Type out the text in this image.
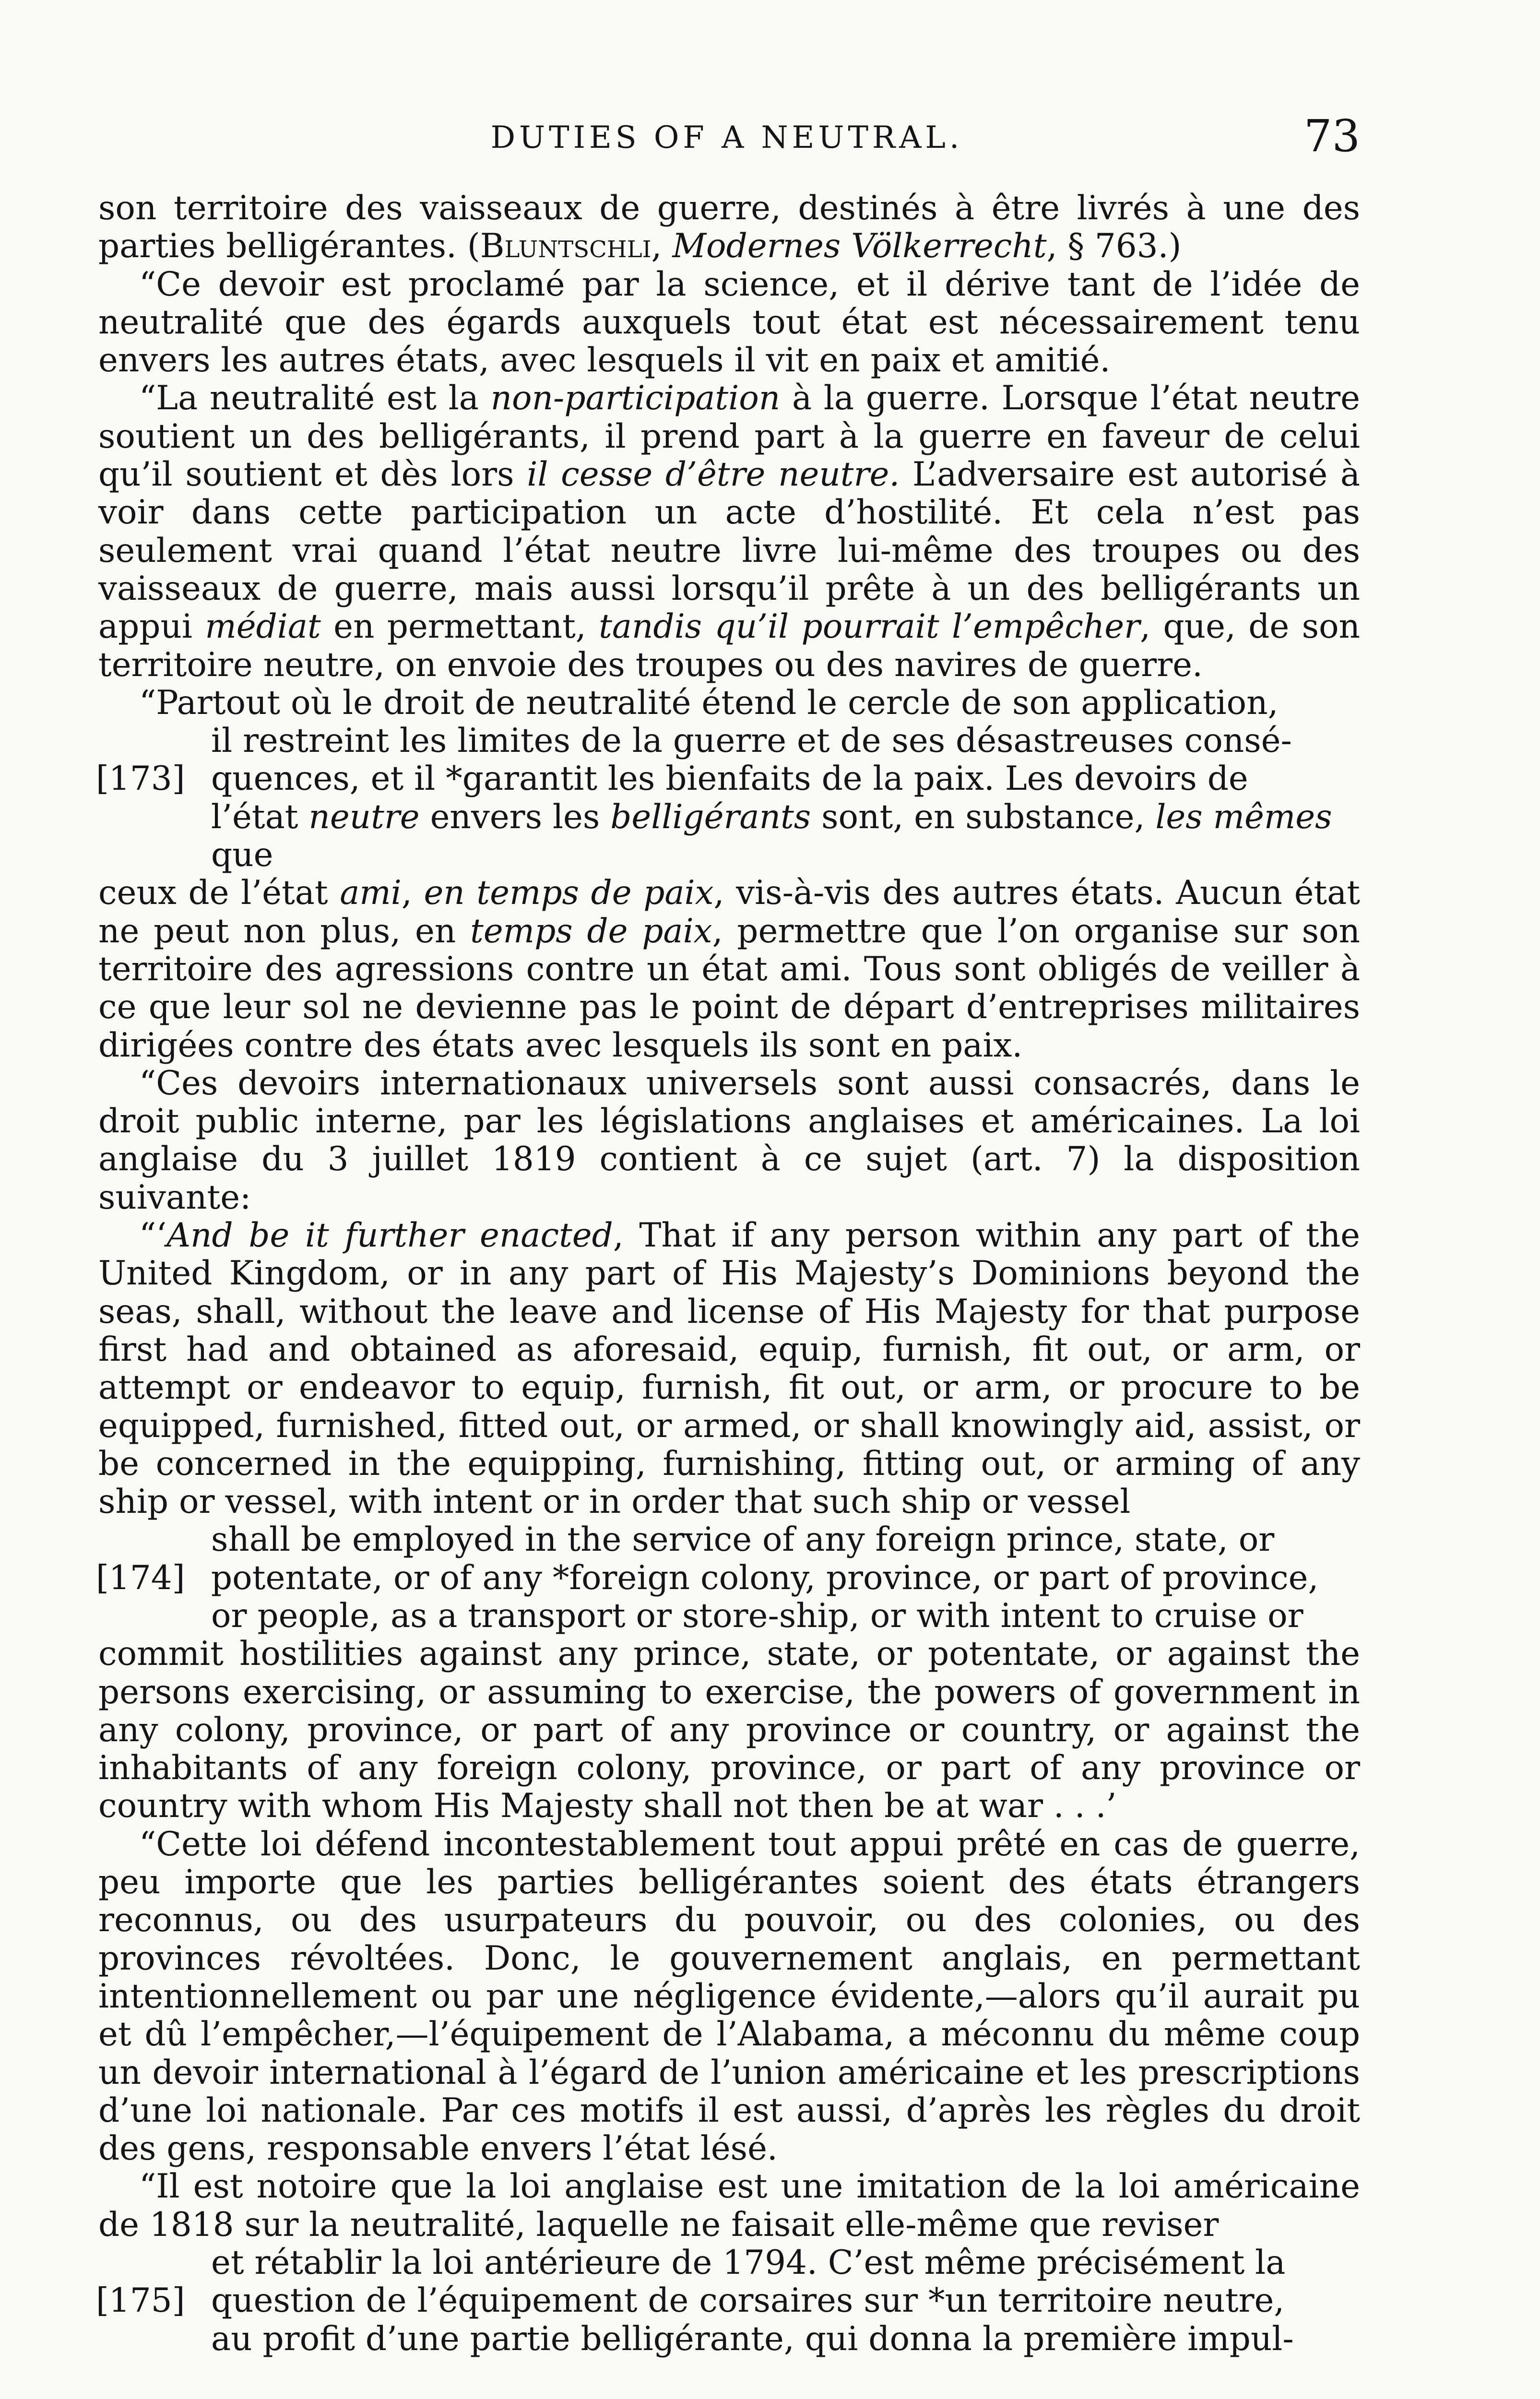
DUTIES OF A NEUTRAL.	73

son territoire des vaisseaux de guerre, destinés à être livrés à une des parties belligérantes. (Bluntschli, Modernes Völkerrecht, § 763.)

“Ce devoir est proclamé par la science, et il dérive tant de l’idée de neutralité que des égards auxquels tout état est nécessairement tenu envers les autres états, avec lesquels il vit en paix et amitié.

“La neutralité est la non-participation à la guerre. Lorsque l’état neutre soutient un des belligérants, il prend part à la guerre en faveur de celui qu’il soutient et dès lors il cesse d’être neutre. L’adversaire est autorisé à voir dans cette participation un acte d’hostilité. Et cela n’est pas seulement vrai quand l’état neutre livre lui-même des troupes ou des vaisseaux de guerre, mais aussi lorsqu’il prête à un des belligérants un appui médiat en permettant, tandis qu’il pourrait l’empêcher, que, de son territoire neutre, on envoie des troupes ou des navires de guerre.

“Partout où le droit de neutralité étend le cercle de son application,

il restreint les limites de la guerre et de ses désastreuses consé-
[173] quences, et il *garantit les bienfaits de la paix. Les devoirs de
l’état neutre envers les belligérants sont, en substance, les mêmes que

ceux de l’état ami, en temps de paix, vis-à-vis des autres états. Aucun état ne peut non plus, en temps de paix, permettre que l’on organise sur son territoire des agressions contre un état ami. Tous sont obligés de veiller à ce que leur sol ne devienne pas le point de départ d’entreprises militaires dirigées contre des états avec lesquels ils sont en paix.

“Ces devoirs internationaux universels sont aussi consacrés, dans le droit public interne, par les législations anglaises et américaines. La loi anglaise du 3 juillet 1819 contient à ce sujet (art. 7) la disposition suivante:

“‘And be it further enacted, That if any person within any part of the United Kingdom, or in any part of His Majesty’s Dominions beyond the seas, shall, without the leave and license of His Majesty for that purpose first had and obtained as aforesaid, equip, furnish, fit out, or arm, or attempt or endeavor to equip, furnish, fit out, or arm, or procure to be equipped, furnished, fitted out, or armed, or shall knowingly aid, assist, or be concerned in the equipping, furnishing, fitting out, or arming of any ship or vessel, with intent or in order that such ship or vessel

shall be employed in the service of any foreign prince, state, or
[174] potentate, or of any *foreign colony, province, or part of province,
or people, as a transport or store-ship, or with intent to cruise or

commit hostilities against any prince, state, or potentate, or against the persons exercising, or assuming to exercise, the powers of government in any colony, province, or part of any province or country, or against the inhabitants of any foreign colony, province, or part of any province or country with whom His Majesty shall not then be at war . . .’

“Cette loi défend incontestablement tout appui prêté en cas de guerre, peu importe que les parties belligérantes soient des états étrangers reconnus, ou des usurpateurs du pouvoir, ou des colonies, ou des provinces révoltées. Donc, le gouvernement anglais, en permettant intentionnellement ou par une négligence évidente,—alors qu’il aurait pu et dû l’empêcher,—l’équipement de l’Alabama, a méconnu du même coup un devoir international à l’égard de l’union américaine et les prescriptions d’une loi nationale. Par ces motifs il est aussi, d’après les règles du droit des gens, responsable envers l’état lésé.

“Il est notoire que la loi anglaise est une imitation de la loi américaine de 1818 sur la neutralité, laquelle ne faisait elle-même que reviser

et rétablir la loi antérieure de 1794. C’est même précisément la
[175] question de l’équipement de corsaires sur *un territoire neutre,
au profit d’une partie belligérante, qui donna la première impul-
